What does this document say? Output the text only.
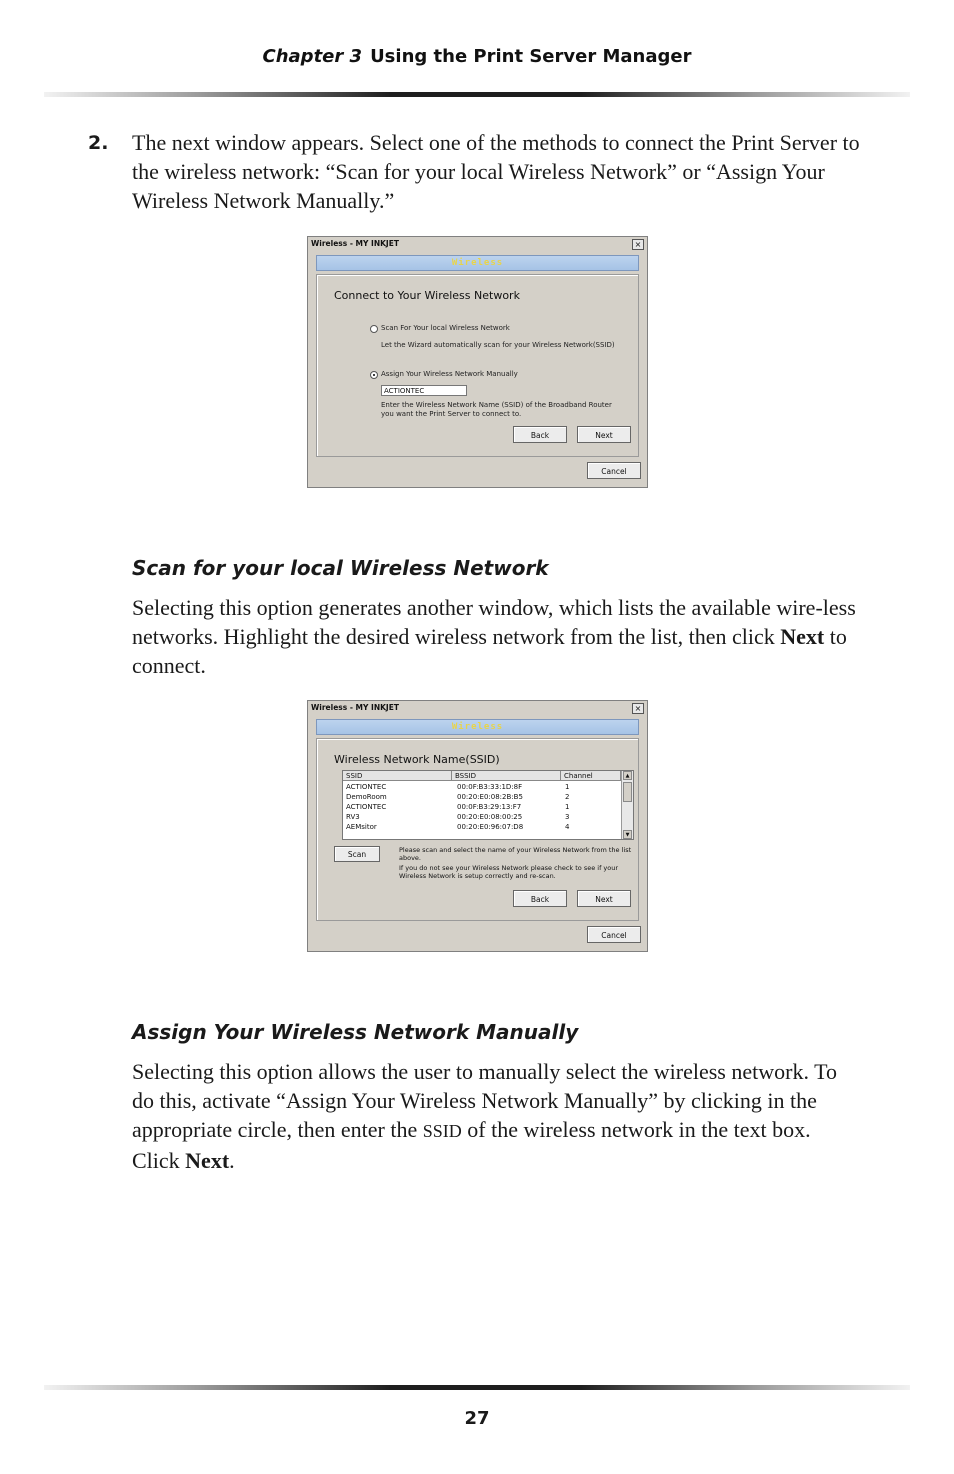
Chapter 3 Using the Print Server Manager
2. The next window appears. Select one of the methods to connect the Print Server to the wireless network: “Scan for your local Wireless Network” or “Assign Your Wireless Network Manually.”

Wireless - MY INKJET	×
Wireless
Connect to Your Wireless Network
Scan For Your local Wireless Network
Let the Wizard automatically scan for your Wireless Network(SSID)
Assign Your Wireless Network Manually
ACTIONTEC
Enter the Wireless Network Name (SSID) of the Broadband Router
you want the Print Server to connect to.
Back	Next
Cancel
Scan for your local Wireless Network

Selecting this option generates another window, which lists the available wire-less networks. Highlight the desired wireless network from the list, then click Next to connect.

Wireless - MY INKJET	×
Wireless
Wireless Network Name(SSID)
SSID	BSSID	Channel
ACTIONTEC	00:0F:B3:33:1D:8F	1
DemoRoom	00:20:E0:08:2B:B5	2
ACTIONTEC	00:0F:B3:29:13:F7	1
RV3	00:20:E0:08:00:25	3
AEMsitor	00:20:E0:96:07:D8	4
▲
▼
Scan	Please scan and select the name of your Wireless Network from the list above.
If you do not see your Wireless Network please check to see if your Wireless Network is setup correctly and re-scan.
Back	Next
Cancel
Assign Your Wireless Network Manually

Selecting this option allows the user to manually select the wireless network. To do this, activate “Assign Your Wireless Network Manually” by clicking in the appropriate circle, then enter the SSID of the wireless network in the text box. Click Next.

27
